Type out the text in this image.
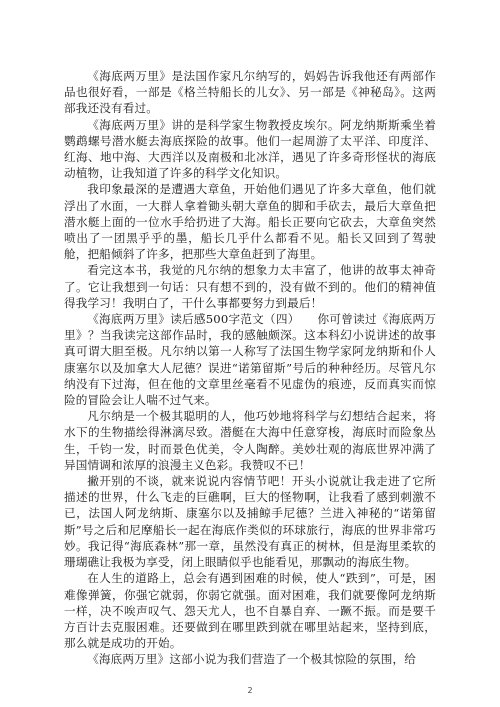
《海底两万里》是法国作家凡尔纳写的，妈妈告诉我他还有两部作品也很好看，一部是《格兰特船长的儿女》、另一部是《神秘岛》。这两部我还没有看过。

《海底两万里》讲的是科学家生物教授皮埃尔。阿龙纳斯斯乘坐着鹦鹉螺号潜水艇去海底探险的故事。他们一起周游了太平洋、印度洋、红海、地中海、大西洋以及南极和北冰洋，遇见了许多奇形怪状的海底动植物，让我知道了许多的科学文化知识。

我印象最深的是遭遇大章鱼，开始他们遇见了许多大章鱼，他们就浮出了水面，一大群人拿着锄头朝大章鱼的脚和手砍去，最后大章鱼把潜水艇上面的一位水手给扔进了大海。船长正要向它砍去，大章鱼突然喷出了一团黑乎乎的墨，船长几乎什么都看不见。船长又回到了驾驶舱，把船倾斜了许多，把那些大章鱼赶到了海里。

看完这本书，我觉的凡尔纳的想象力太丰富了，他讲的故事太神奇了。它让我想到一句话：只有想不到的，没有做不到的。他们的精神值得我学习！我明白了，干什么事都要努力到最后！

《海底两万里》读后感500字范文（四）　　你可曾读过《海底两万里》？当我读完这部作品时，我的感触颇深。这本科幻小说讲述的故事真可谓大胆至极。凡尔纳以第一人称写了法国生物学家阿龙纳斯和仆人康塞尔以及加拿大人尼德？误进“诺第留斯”号后的种种经历。尽管凡尔纳没有下过海，但在他的文章里丝毫看不见虚伪的痕迹，反而真实而惊险的冒险会让人喘不过气来。

凡尔纳是一个极其聪明的人，他巧妙地将科学与幻想结合起来，将水下的生物描绘得淋漓尽致。潜艇在大海中任意穿梭，海底时而险象丛生，千钧一发，时而景色优美，令人陶醉。美妙壮观的海底世界冲满了异国情调和浓厚的浪漫主义色彩。我赞叹不已！

撇开别的不谈，就来说说内容情节吧！开头小说就让我走进了它所描述的世界，什么飞走的巨礁啊，巨大的怪物啊，让我看了感到刺激不已，法国人阿龙纳斯、康塞尔以及捕鲸手尼德？兰进入神秘的“诺第留斯”号之后和尼摩船长一起在海底作类似的环球旅行，海底的世界非常巧妙。我记得“海底森林”那一章，虽然没有真正的树林，但是海里柔软的珊瑚礁让我极为享受，闭上眼睛似乎也能看见，那飘动的海底生物。

在人生的道路上，总会有遇到困难的时候，使人“跌到”，可是，困难像弹簧，你强它就弱，你弱它就强。面对困难，我们就要像阿龙纳斯一样，决不唉声叹气、怨天尤人，也不自暴自弃、一蹶不振。而是要千方百计去克服困难。还要做到在哪里跌到就在哪里站起来，坚持到底，那么就是成功的开始。

《海底两万里》这部小说为我们营造了一个极其惊险的氛围，给

2
